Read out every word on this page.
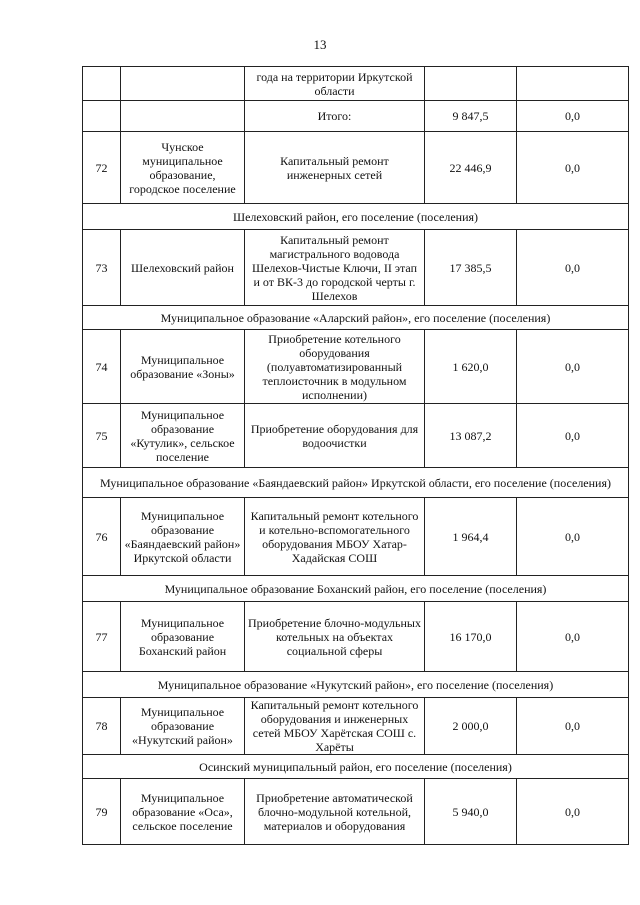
13
		года на территории Иркутской области		
		Итого:	9 847,5	0,0
72	Чунское муниципальное образование, городское поселение	Капитальный ремонт инженерных сетей	22 446,9	0,0
Шелеховский район, его поселение (поселения)				
73	Шелеховский район	Капитальный ремонт магистрального водовода Шелехов-Чистые Ключи, II этап и от ВК-3 до городской черты г. Шелехов	17 385,5	0,0
Муниципальное образование «Аларский район», его поселение (поселения)				
74	Муниципальное образование «Зоны»	Приобретение котельного оборудования (полуавтоматизированный теплоисточник в модульном исполнении)	1 620,0	0,0
75	Муниципальное образование «Кутулик», сельское поселение	Приобретение оборудования для водоочистки	13 087,2	0,0
Муниципальное образование «Баяндаевский район» Иркутской области, его поселение (поселения)				
76	Муниципальное образование «Баяндаевский район» Иркутской области	Капитальный ремонт котельного и котельно-вспомогательного оборудования МБОУ Хатар-Хадайская СОШ	1 964,4	0,0
Муниципальное образование Боханский район, его поселение (поселения)				
77	Муниципальное образование Боханский район	Приобретение блочно-модульных котельных на объектах социальной сферы	16 170,0	0,0
Муниципальное образование «Нукутский район», его поселение (поселения)				
78	Муниципальное образование «Нукутский район»	Капитальный ремонт котельного оборудования и инженерных сетей МБОУ Харётская СОШ с. Харёты	2 000,0	0,0
Осинский муниципальный район, его поселение (поселения)				
79	Муниципальное образование «Оса», сельское поселение	Приобретение автоматической блочно-модульной котельной, материалов и оборудования	5 940,0	0,0
